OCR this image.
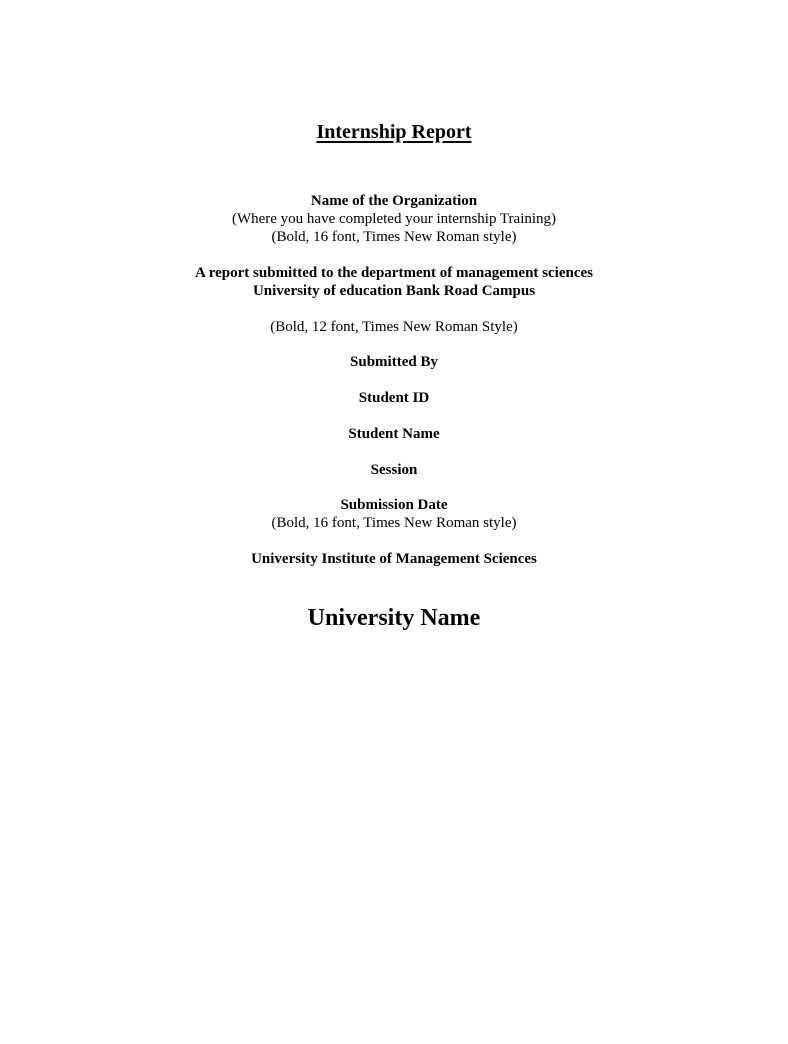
Internship Report
Name of the Organization
(Where you have completed your internship Training)
(Bold, 16 font, Times New Roman style)
A report submitted to the department of management sciences
University of education Bank Road Campus
(Bold, 12 font, Times New Roman Style)
Submitted By
Student ID
Student Name
Session
Submission Date
(Bold, 16 font, Times New Roman style)
University Institute of Management Sciences
University Name
